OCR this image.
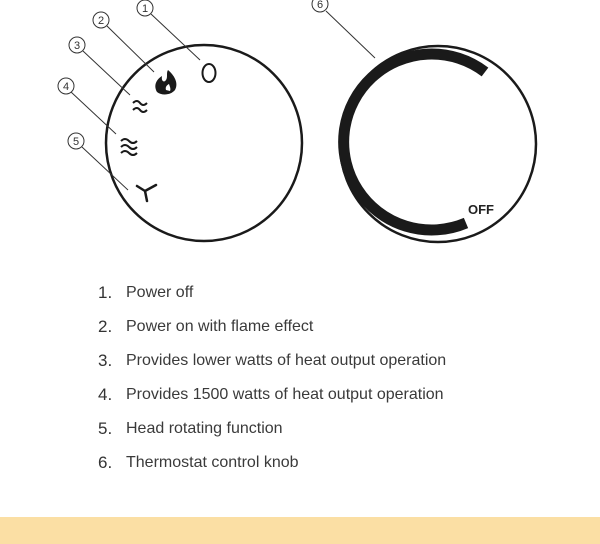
OFF
1
2
3
4
5
6
1. Power off
2. Power on with flame effect
3. Provides lower watts of heat output operation
4. Provides 1500 watts of heat output operation
5. Head rotating function
6. Thermostat control knob
